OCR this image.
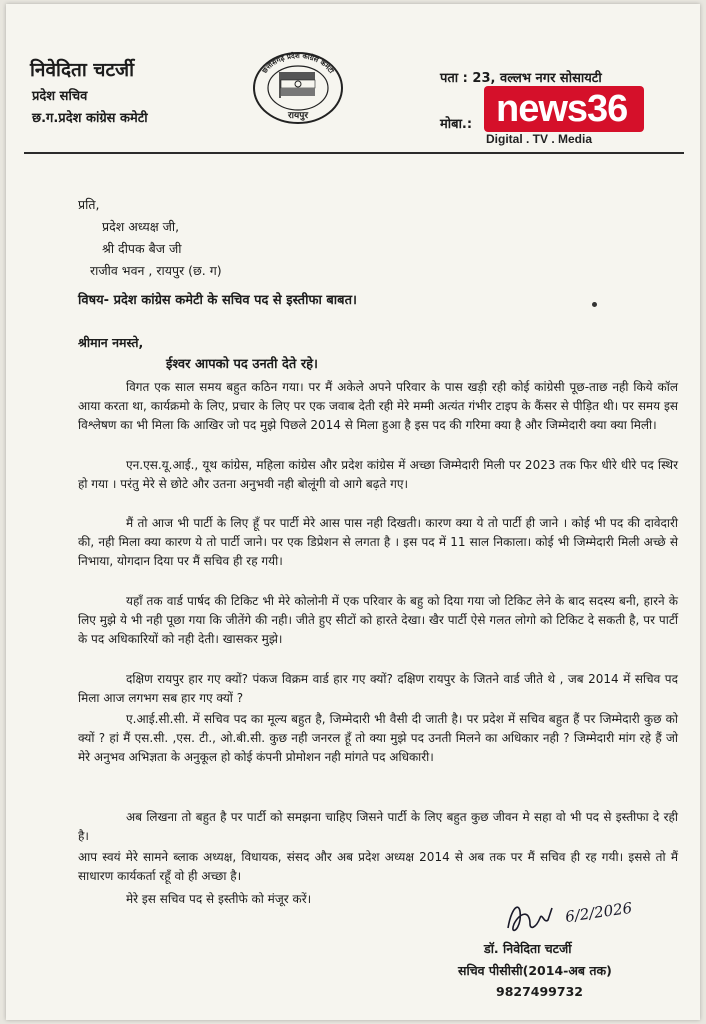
निवेदिता चटर्जी
प्रदेश सचिव
छ.ग.प्रदेश कांग्रेस कमेटी
छत्तीसगढ़ प्रदेश कांग्रेस कमेटी
रायपुर
पता : 23, वल्लभ नगर सोसायटी
मोबा.: news36
Digital . TV . Media
प्रति,
प्रदेश अध्यक्ष जी,
श्री दीपक बैज जी
राजीव भवन , रायपुर (छ. ग)
विषय- प्रदेश कांग्रेस कमेटी के सचिव पद से इस्तीफा बाबत।
श्रीमान नमस्ते,
ईश्वर आपको पद उनती देते रहे।

विगत एक साल समय बहुत कठिन गया। पर मैं अकेले अपने परिवार के पास खड़ी रही कोई कांग्रेसी पूछ-ताछ नही किये कॉल आया करता था, कार्यक्रमो के लिए, प्रचार के लिए पर एक जवाब देती रही मेरे मम्मी अत्यंत गंभीर टाइप के कैंसर से पीड़ित थी। पर समय इस विश्लेषण का भी मिला कि आखिर जो पद मुझे पिछले 2014 से मिला हुआ है इस पद की गरिमा क्या है और जिम्मेदारी क्या क्या मिली।

एन.एस.यू.आई., यूथ कांग्रेस, महिला कांग्रेस और प्रदेश कांग्रेस में अच्छा जिम्मेदारी मिली पर 2023 तक फिर धीरे धीरे पद स्थिर हो गया । परंतु मेरे से छोटे और उतना अनुभवी नही बोलूंगी वो आगे बढ़ते गए।

मैं तो आज भी पार्टी के लिए हूँ पर पार्टी मेरे आस पास नही दिखती। कारण क्या ये तो पार्टी ही जाने । कोई भी पद की दावेदारी की, नही मिला क्या कारण ये तो पार्टी जाने। पर एक डिप्रेशन से लगता है । इस पद में 11 साल निकाला। कोई भी जिम्मेदारी मिली अच्छे से निभाया, योगदान दिया पर मैं सचिव ही रह गयी।

यहाँ तक वार्ड पार्षद की टिकिट भी मेरे कोलोनी में एक परिवार के बहु को दिया गया जो टिकिट लेने के बाद सदस्य बनी, हारने के लिए मुझे ये भी नही पूछा गया कि जीतेंगे की नही। जीते हुए सीटों को हारते देखा। खैर पार्टी ऐसे गलत लोगो को टिकिट दे सकती है, पर पार्टी के पद अधिकारियों को नही देती। खासकर मुझे।

दक्षिण रायपुर हार गए क्यों? पंकज विक्रम वार्ड हार गए क्यों? दक्षिण रायपुर के जितने वार्ड जीते थे , जब 2014 में सचिव पद मिला आज लगभग सब हार गए क्यों ?

ए.आई.सी.सी. में सचिव पद का मूल्य बहुत है, जिम्मेदारी भी वैसी दी जाती है। पर प्रदेश में सचिव बहुत हैं पर जिम्मेदारी कुछ को क्यों ? हां मैं एस.सी. ,एस. टी., ओ.बी.सी. कुछ नही जनरल हूँ तो क्या मुझे पद उनती मिलने का अधिकार नही ? जिम्मेदारी मांग रहे हैं जो मेरे अनुभव अभिज्ञता के अनुकूल हो कोई कंपनी प्रोमोशन नही मांगते पद अधिकारी।

अब लिखना तो बहुत है पर पार्टी को समझना चाहिए जिसने पार्टी के लिए बहुत कुछ जीवन मे सहा वो भी पद से इस्तीफा दे रही है।

आप स्वयं मेरे सामने ब्लाक अध्यक्ष, विधायक, संसद और अब प्रदेश अध्यक्ष 2014 से अब तक पर मैं सचिव ही रह गयी। इससे तो मैं साधारण कार्यकर्ता रहूँ वो ही अच्छा है।

मेरे इस सचिव पद से इस्तीफे को मंजूर करें।	6/2/2026
डॉ. निवेदिता चटर्जी
सचिव पीसीसी(2014-अब तक)
9827499732
